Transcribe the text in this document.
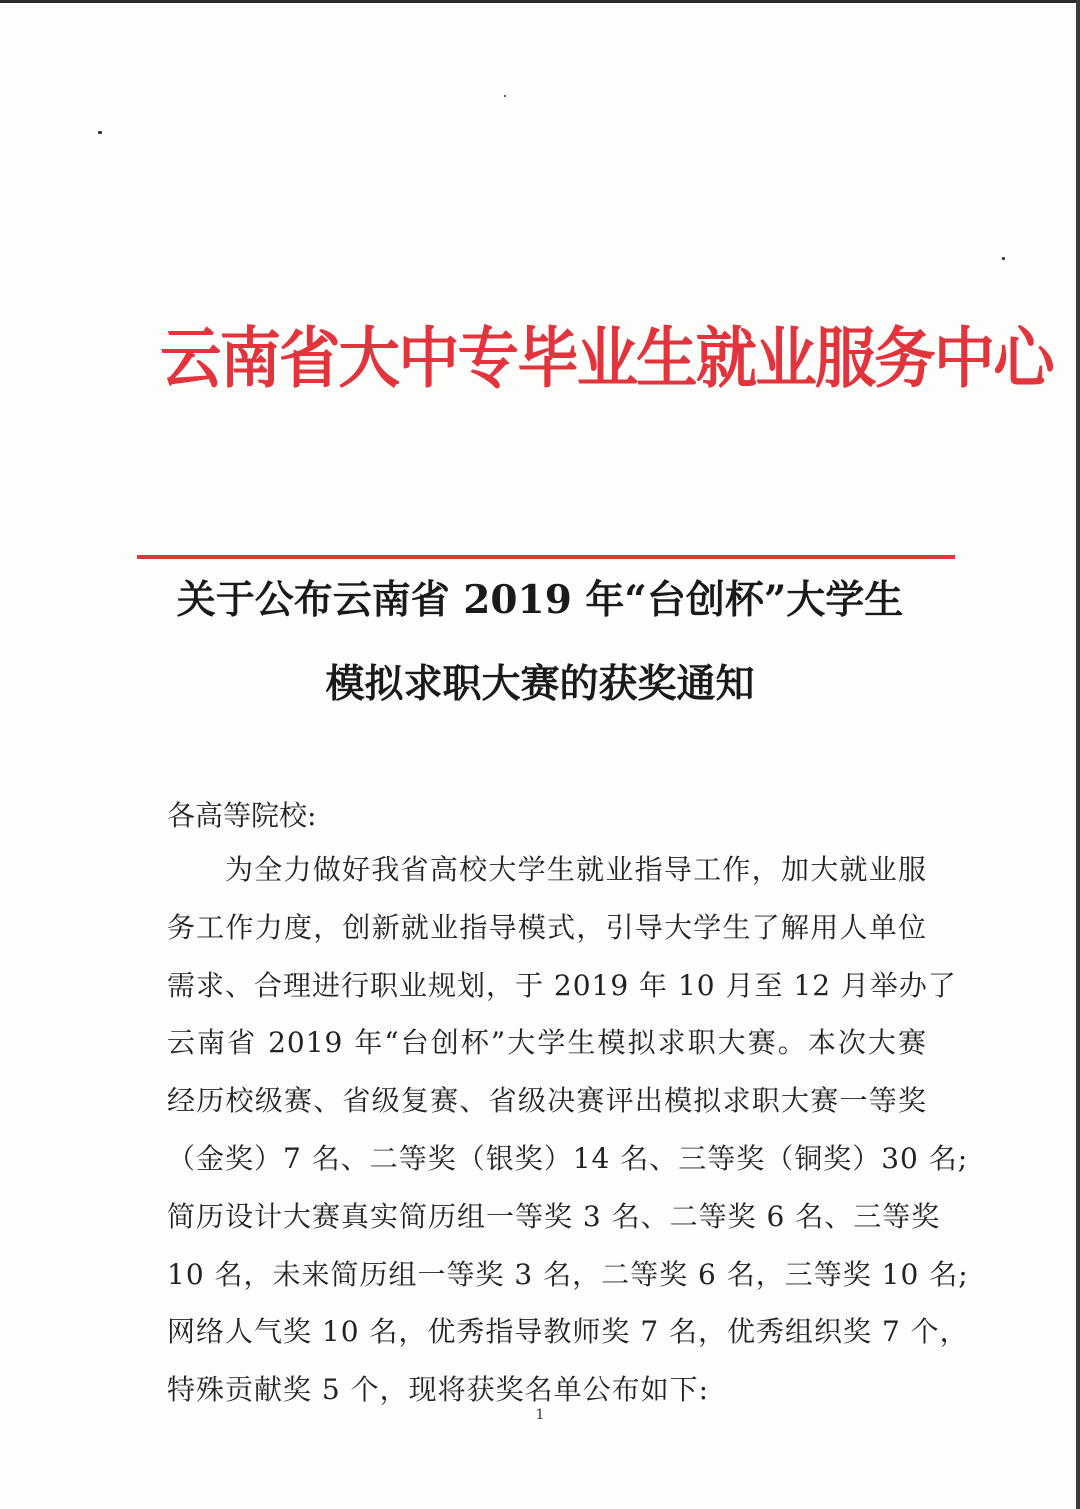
云南省大中专毕业生就业服务中心
关于公布云南省 2019 年“台创杯”大学生
模拟求职大赛的获奖通知

各高等院校:

为全力做好我省高校大学生就业指导工作，加大就业服
务工作力度，创新就业指导模式，引导大学生了解用人单位
需求、合理进行职业规划，于 2019 年 10 月至 12 月举办了
云南省 2019 年“台创杯”大学生模拟求职大赛。本次大赛
经历校级赛、省级复赛、省级决赛评出模拟求职大赛一等奖
（金奖）7 名、二等奖（银奖）14 名、三等奖（铜奖）30 名;
简历设计大赛真实简历组一等奖 3 名、二等奖 6 名、三等奖
10 名，未来简历组一等奖 3 名，二等奖 6 名，三等奖 10 名;
网络人气奖 10 名，优秀指导教师奖 7 名，优秀组织奖 7 个，
特殊贡献奖 5 个，现将获奖名单公布如下:

1
